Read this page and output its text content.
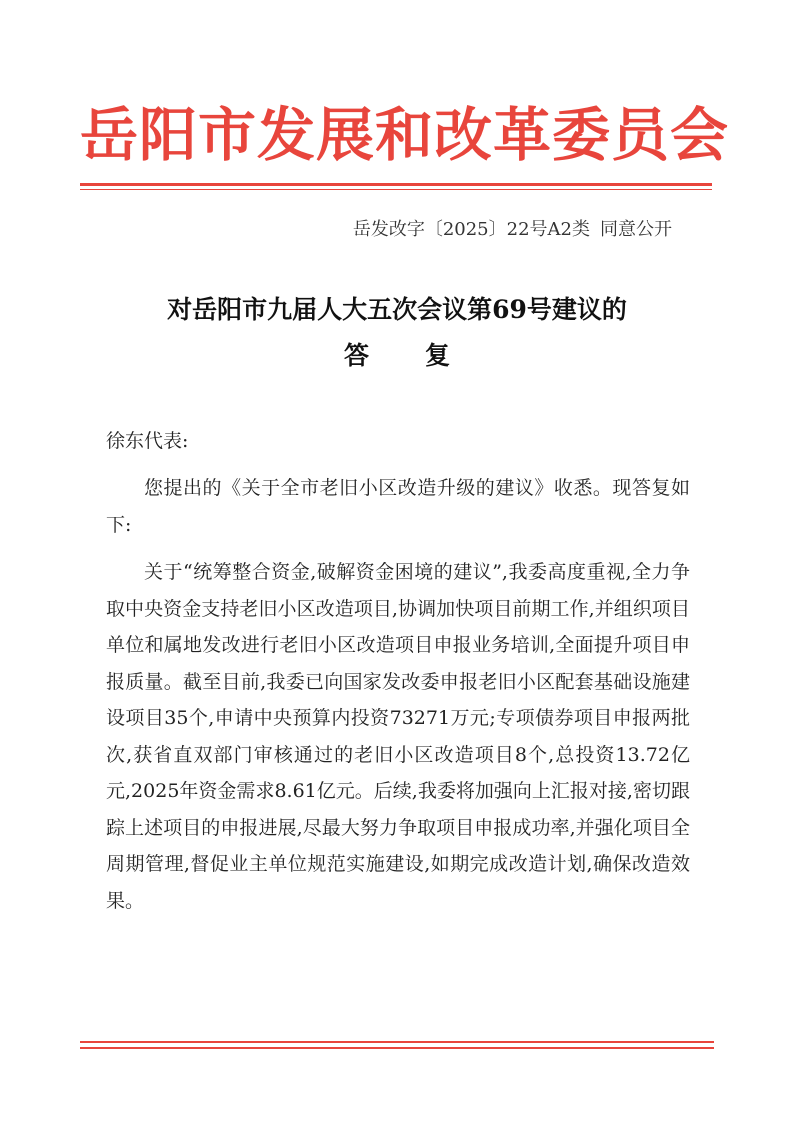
岳阳市发展和改革委员会
岳发改字〔2025〕22号A2类 同意公开
对岳阳市九届人大五次会议第69号建议的
答复
徐东代表:

您提出的《关于全市老旧小区改造升级的建议》收悉。现答复如下:

关于“统筹整合资金,破解资金困境的建议”,我委高度重视,全力争取中央资金支持老旧小区改造项目,协调加快项目前期工作,并组织项目单位和属地发改进行老旧小区改造项目申报业务培训,全面提升项目申报质量。截至目前,我委已向国家发改委申报老旧小区配套基础设施建设项目35个,申请中央预算内投资73271万元;专项债券项目申报两批次,获省直双部门审核通过的老旧小区改造项目8个,总投资13.72亿元,2025年资金需求8.61亿元。后续,我委将加强向上汇报对接,密切跟踪上述项目的申报进展,尽最大努力争取项目申报成功率,并强化项目全周期管理,督促业主单位规范实施建设,如期完成改造计划,确保改造效果。
